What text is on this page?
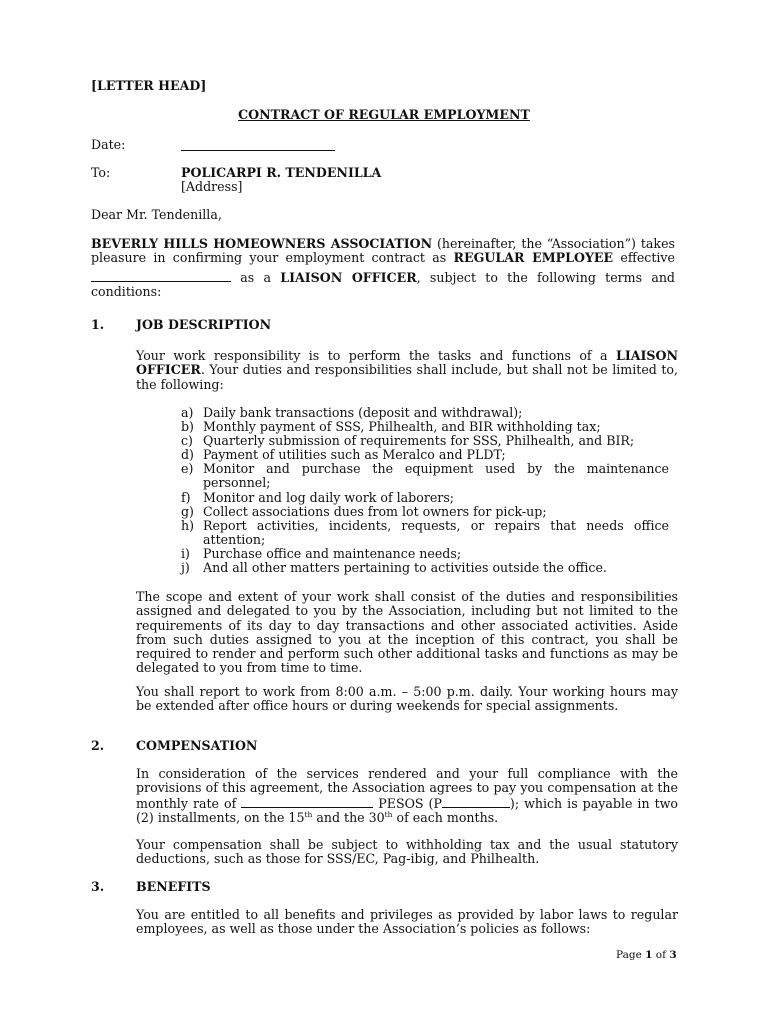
[LETTER HEAD]
CONTRACT OF REGULAR EMPLOYMENT
Date:
To:	POLICARPI R. TENDENILLA
[Address]
Dear Mr. Tendenilla,
BEVERLY HILLS HOMEOWNERS ASSOCIATION (hereinafter, the “Association”) takes pleasure in confirming your employment contract as REGULAR EMPLOYEE effective
as a LIAISON OFFICER, subject to the following terms and conditions:
1.	JOB DESCRIPTION
Your work responsibility is to perform the tasks and functions of a LIAISON OFFICER. Your duties and responsibilities shall include, but shall not be limited to, the following:
a) Daily bank transactions (deposit and withdrawal);
b) Monthly payment of SSS, Philhealth, and BIR withholding tax;
c) Quarterly submission of requirements for SSS, Philhealth, and BIR;
d) Payment of utilities such as Meralco and PLDT;
e) Monitor and purchase the equipment used by the maintenance personnel;
f) Monitor and log daily work of laborers;
g) Collect associations dues from lot owners for pick-up;
h) Report activities, incidents, requests, or repairs that needs office attention;
i) Purchase office and maintenance needs;
j) And all other matters pertaining to activities outside the office.
The scope and extent of your work shall consist of the duties and responsibilities assigned and delegated to you by the Association, including but not limited to the requirements of its day to day transactions and other associated activities. Aside from such duties assigned to you at the inception of this contract, you shall be required to render and perform such other additional tasks and functions as may be delegated to you from time to time.
You shall report to work from 8:00 a.m. – 5:00 p.m. daily. Your working hours may be extended after office hours or during weekends for special assignments.
2.	COMPENSATION
In consideration of the services rendered and your full compliance with the provisions of this agreement, the Association agrees to pay you compensation at the monthly rate of	PESOS (P	); which is payable in two (2) installments, on the 15th and the 30th of each months.
Your compensation shall be subject to withholding tax and the usual statutory deductions, such as those for SSS/EC, Pag-ibig, and Philhealth.
3.	BENEFITS
You are entitled to all benefits and privileges as provided by labor laws to regular employees, as well as those under the Association’s policies as follows:
Page 1 of 3
